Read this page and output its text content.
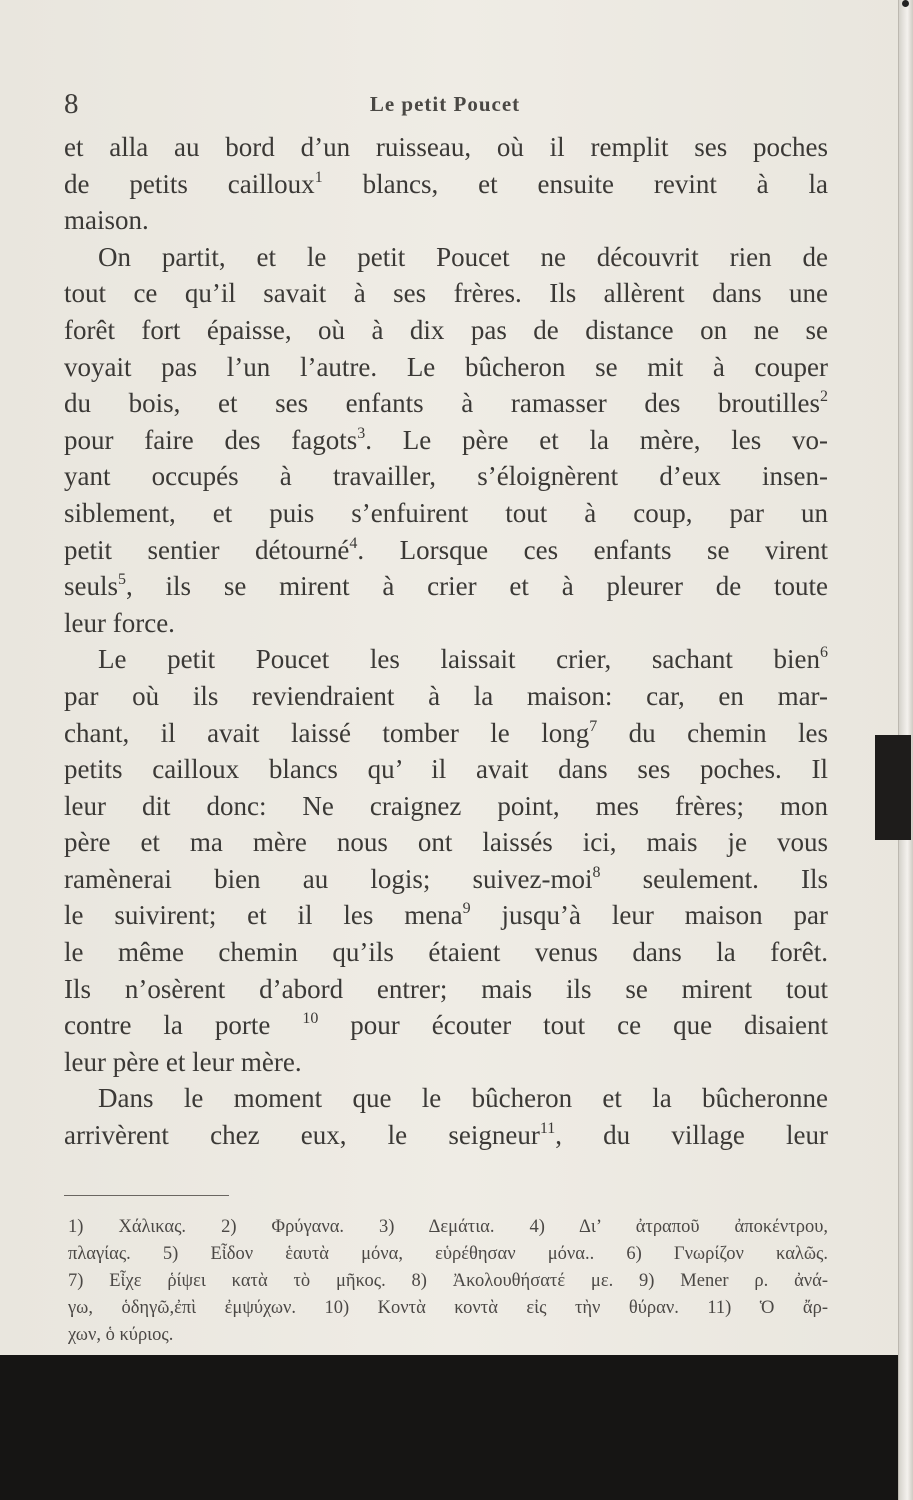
8	Le petit Poucet
et alla au bord d’un ruisseau, où il remplit ses poches
de petits cailloux$^1$ blancs, et ensuite revint à la
maison.
On partit, et le petit Poucet ne découvrit rien de
tout ce qu’il savait à ses frères. Ils allèrent dans une
forêt fort épaisse, où à dix pas de distance on ne se
voyait pas l’un l’autre. Le bûcheron se mit à couper
du bois, et ses enfants à ramasser des broutilles$^2$
pour faire des fagots$^3$. Le père et la mère, les vo-
yant occupés à travailler, s’éloignèrent d’eux insen-
siblement, et puis s’enfuirent tout à coup, par un
petit sentier détourné$^4$. Lorsque ces enfants se virent
seuls$^5$, ils se mirent à crier et à pleurer de toute
leur force.
Le petit Poucet les laissait crier, sachant bien$^6$
par où ils reviendraient à la maison: car, en mar-
chant, il avait laissé tomber le long$^7$ du chemin les
petits cailloux blancs qu’ il avait dans ses poches. Il
leur dit donc: Ne craignez point, mes frères; mon
père et ma mère nous ont laissés ici, mais je vous
ramènerai bien au logis; suivez-moi$^8$ seulement. Ils
le suivirent; et il les mena$^9$ jusqu’à leur maison par
le même chemin qu’ils étaient venus dans la forêt.
Ils n’osèrent d’abord entrer; mais ils se mirent tout
contre la porte $^{10}$ pour écouter tout ce que disaient
leur père et leur mère.
Dans le moment que le bûcheron et la bûcheronne
arrivèrent chez eux, le seigneur$^{11}$, du village leur
1) Χάλικας. 2) Φρύγανα. 3) Δεμάτια. 4) Δι’ ἀτραποῦ ἀποκέντρου,
πλαγίας. 5) Εἶδον ἑαυτὰ μόνα, εὑρέθησαν μόνα.. 6) Γνωρίζον καλῶς.
7) Εἶχε ῥίψει κατὰ τὸ μῆκος. 8) Ἀκολουθήσατέ με. 9) Mener ρ. ἀνά-
γω, ὁδηγῶ,ἐπὶ ἐμψύχων. 10) Κοντὰ κοντὰ εἰς τὴν θύραν. 11) Ὁ ἄρ-
χων, ὁ κύριος.
